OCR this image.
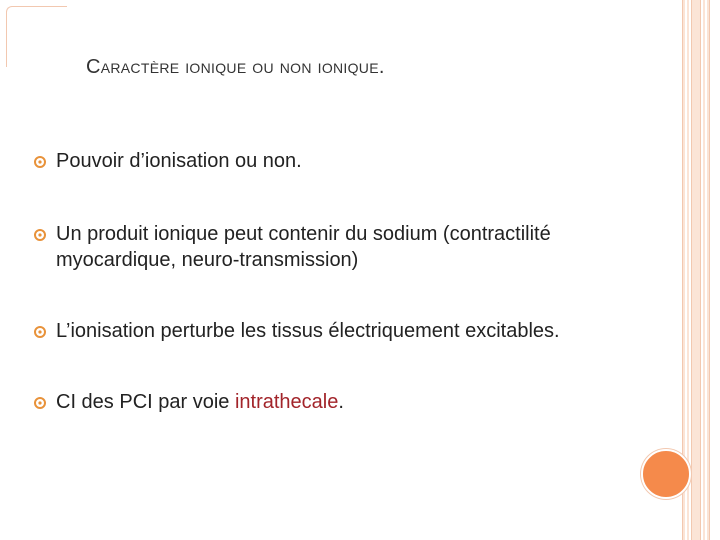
Caractère ionique ou non ionique.
Pouvoir d’ionisation ou non.
Un produit ionique peut contenir du sodium (contractilité myocardique, neuro-transmission)
L’ionisation perturbe les tissus électriquement excitables.
CI des PCI par voie intrathecale.
